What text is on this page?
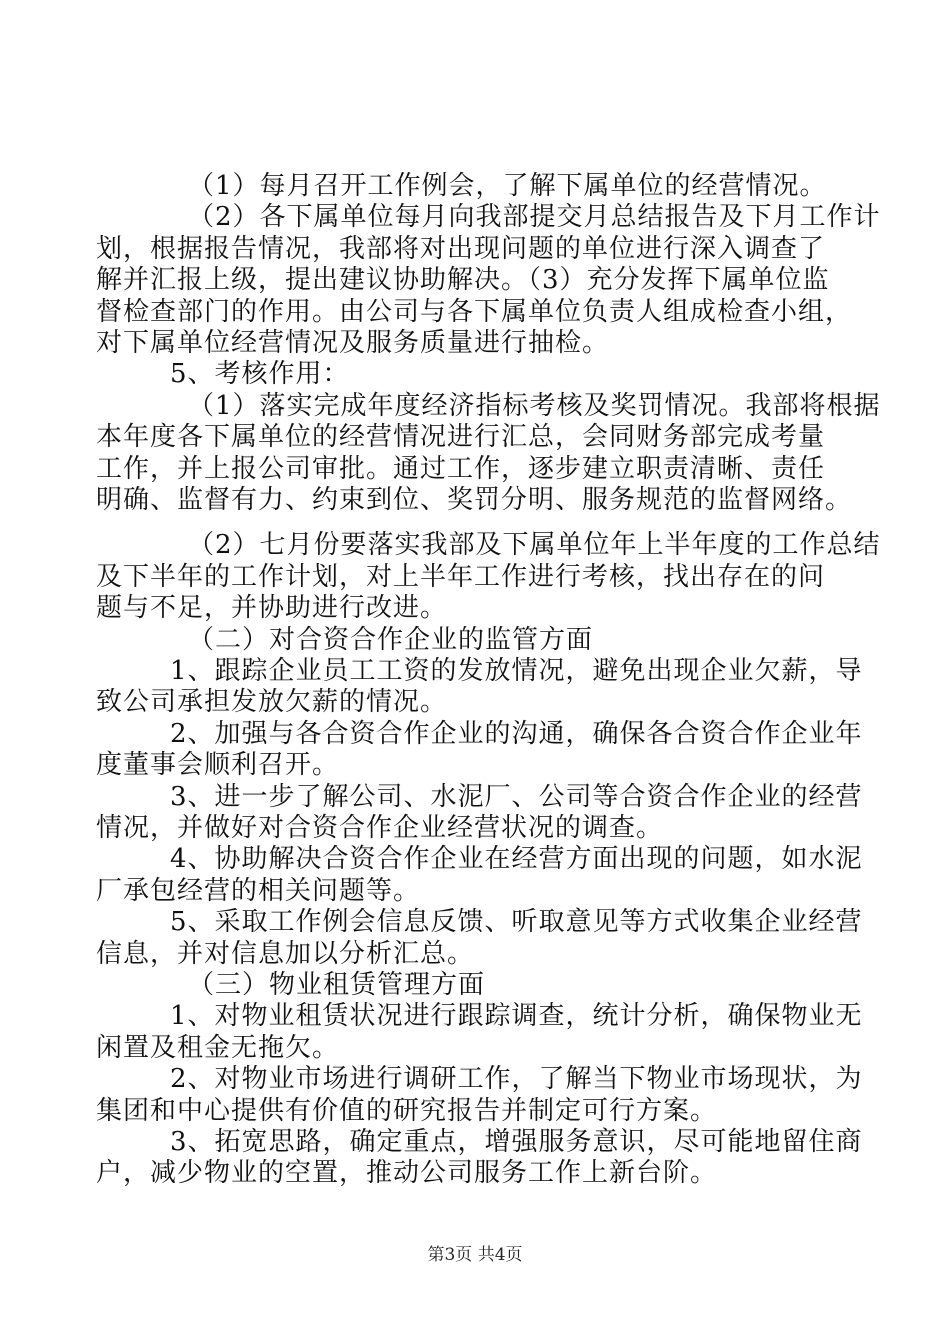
（1）每月召开工作例会，了解下属单位的经营情况。
（2）各下属单位每月向我部提交月总结报告及下月工作计
划，根据报告情况，我部将对出现问题的单位进行深入调查了
解并汇报上级，提出建议协助解决。（3）充分发挥下属单位监
督检查部门的作用。由公司与各下属单位负责人组成检查小组，
对下属单位经营情况及服务质量进行抽检。
5、考核作用：
（1）落实完成年度经济指标考核及奖罚情况。我部将根据
本年度各下属单位的经营情况进行汇总，会同财务部完成考量
工作，并上报公司审批。通过工作，逐步建立职责清晰、责任
明确、监督有力、约束到位、奖罚分明、服务规范的监督网络。
（2）七月份要落实我部及下属单位年上半年度的工作总结
及下半年的工作计划，对上半年工作进行考核，找出存在的问
题与不足，并协助进行改进。
（二）对合资合作企业的监管方面
1、跟踪企业员工工资的发放情况，避免出现企业欠薪，导
致公司承担发放欠薪的情况。
2、加强与各合资合作企业的沟通，确保各合资合作企业年
度董事会顺利召开。
3、进一步了解公司、水泥厂、公司等合资合作企业的经营
情况，并做好对合资合作企业经营状况的调查。
4、协助解决合资合作企业在经营方面出现的问题，如水泥
厂承包经营的相关问题等。
5、采取工作例会信息反馈、听取意见等方式收集企业经营
信息，并对信息加以分析汇总。
（三）物业租赁管理方面
1、对物业租赁状况进行跟踪调查，统计分析，确保物业无
闲置及租金无拖欠。
2、对物业市场进行调研工作，了解当下物业市场现状，为
集团和中心提供有价值的研究报告并制定可行方案。
3、拓宽思路，确定重点，增强服务意识，尽可能地留住商
户，减少物业的空置，推动公司服务工作上新台阶。
第3页 共4页
